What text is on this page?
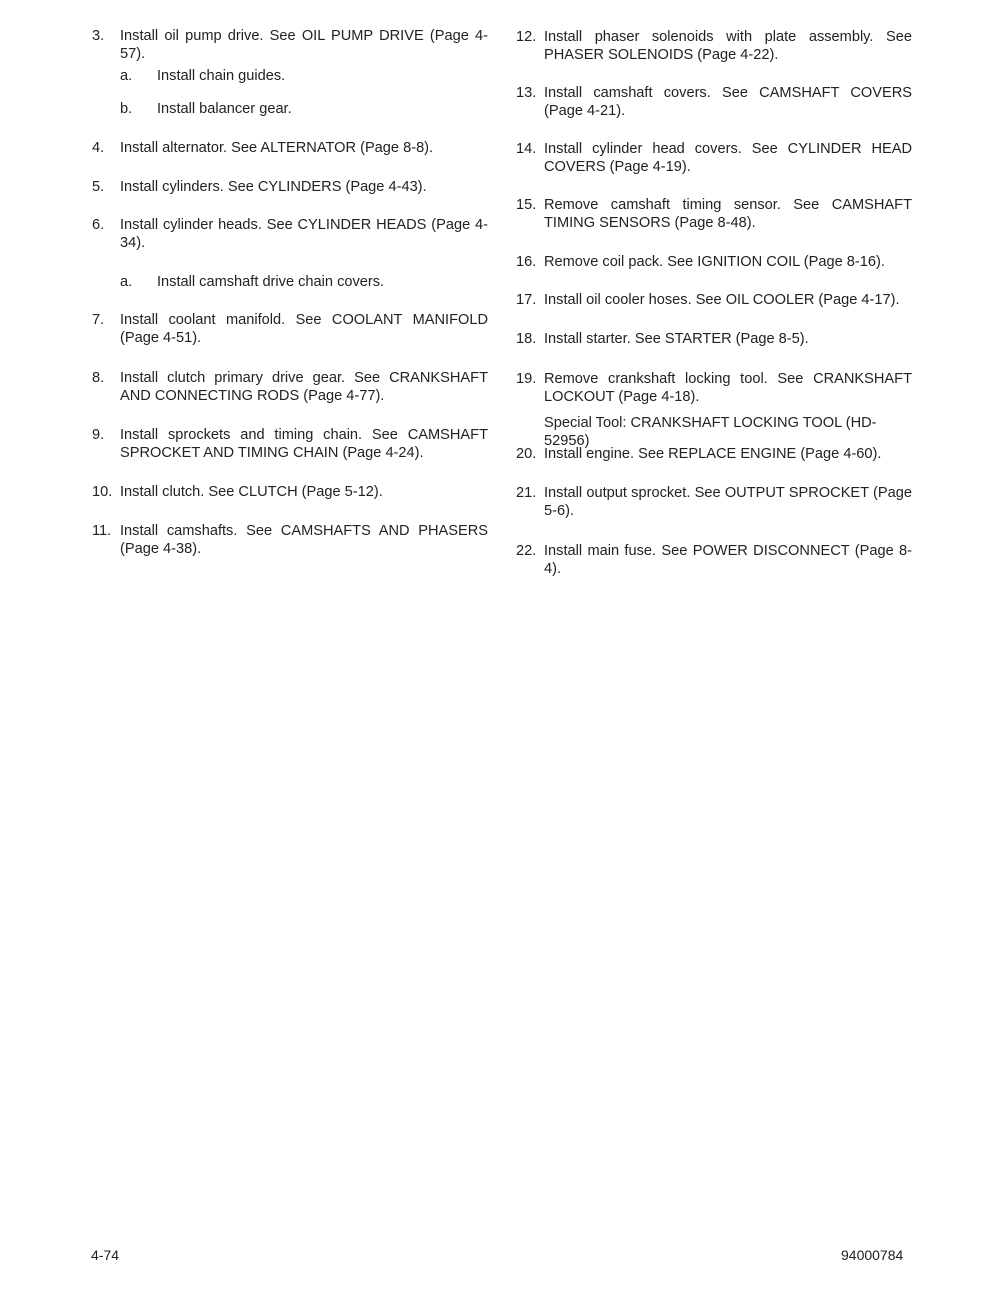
3. Install oil pump drive. See OIL PUMP DRIVE (Page 4-57).
a. Install chain guides.
b. Install balancer gear.
4. Install alternator. See ALTERNATOR (Page 8-8).
5. Install cylinders. See CYLINDERS (Page 4-43).
6. Install cylinder heads. See CYLINDER HEADS (Page 4-34).
a. Install camshaft drive chain covers.
7. Install coolant manifold. See COOLANT MANIFOLD (Page 4-51).
8. Install clutch primary drive gear. See CRANKSHAFT AND CONNECTING RODS (Page 4-77).
9. Install sprockets and timing chain. See CAMSHAFT SPROCKET AND TIMING CHAIN (Page 4-24).
10. Install clutch. See CLUTCH (Page 5-12).
11. Install camshafts. See CAMSHAFTS AND PHASERS (Page 4-38).
12. Install phaser solenoids with plate assembly. See PHASER SOLENOIDS (Page 4-22).
13. Install camshaft covers. See CAMSHAFT COVERS (Page 4-21).
14. Install cylinder head covers. See CYLINDER HEAD COVERS (Page 4-19).
15. Remove camshaft timing sensor. See CAMSHAFT TIMING SENSORS (Page 8-48).
16. Remove coil pack. See IGNITION COIL (Page 8-16).
17. Install oil cooler hoses. See OIL COOLER (Page 4-17).
18. Install starter. See STARTER (Page 8-5).
19. Remove crankshaft locking tool. See CRANKSHAFT LOCKOUT (Page 4-18).
Special Tool: CRANKSHAFT LOCKING TOOL (HD-52956)
20. Install engine. See REPLACE ENGINE (Page 4-60).
21. Install output sprocket. See OUTPUT SPROCKET (Page 5-6).
22. Install main fuse. See POWER DISCONNECT (Page 8-4).
4-74	94000784
